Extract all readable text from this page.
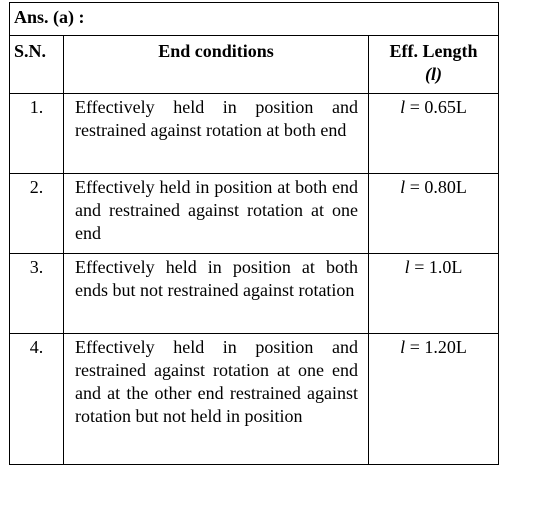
Ans. (a) :		
S.N.	End conditions	Eff. Length
(l)

1.	Effectively held in position and restrained against rotation at both end	l = 0.65L
2.	Effectively held in position at both end and restrained against rotation at one end	l = 0.80L
3.	Effectively held in position at both ends but not restrained against rotation	l = 1.0L
4.	Effectively held in position and restrained against rotation at one end and at the other end restrained against rotation but not held in position	l = 1.20L
